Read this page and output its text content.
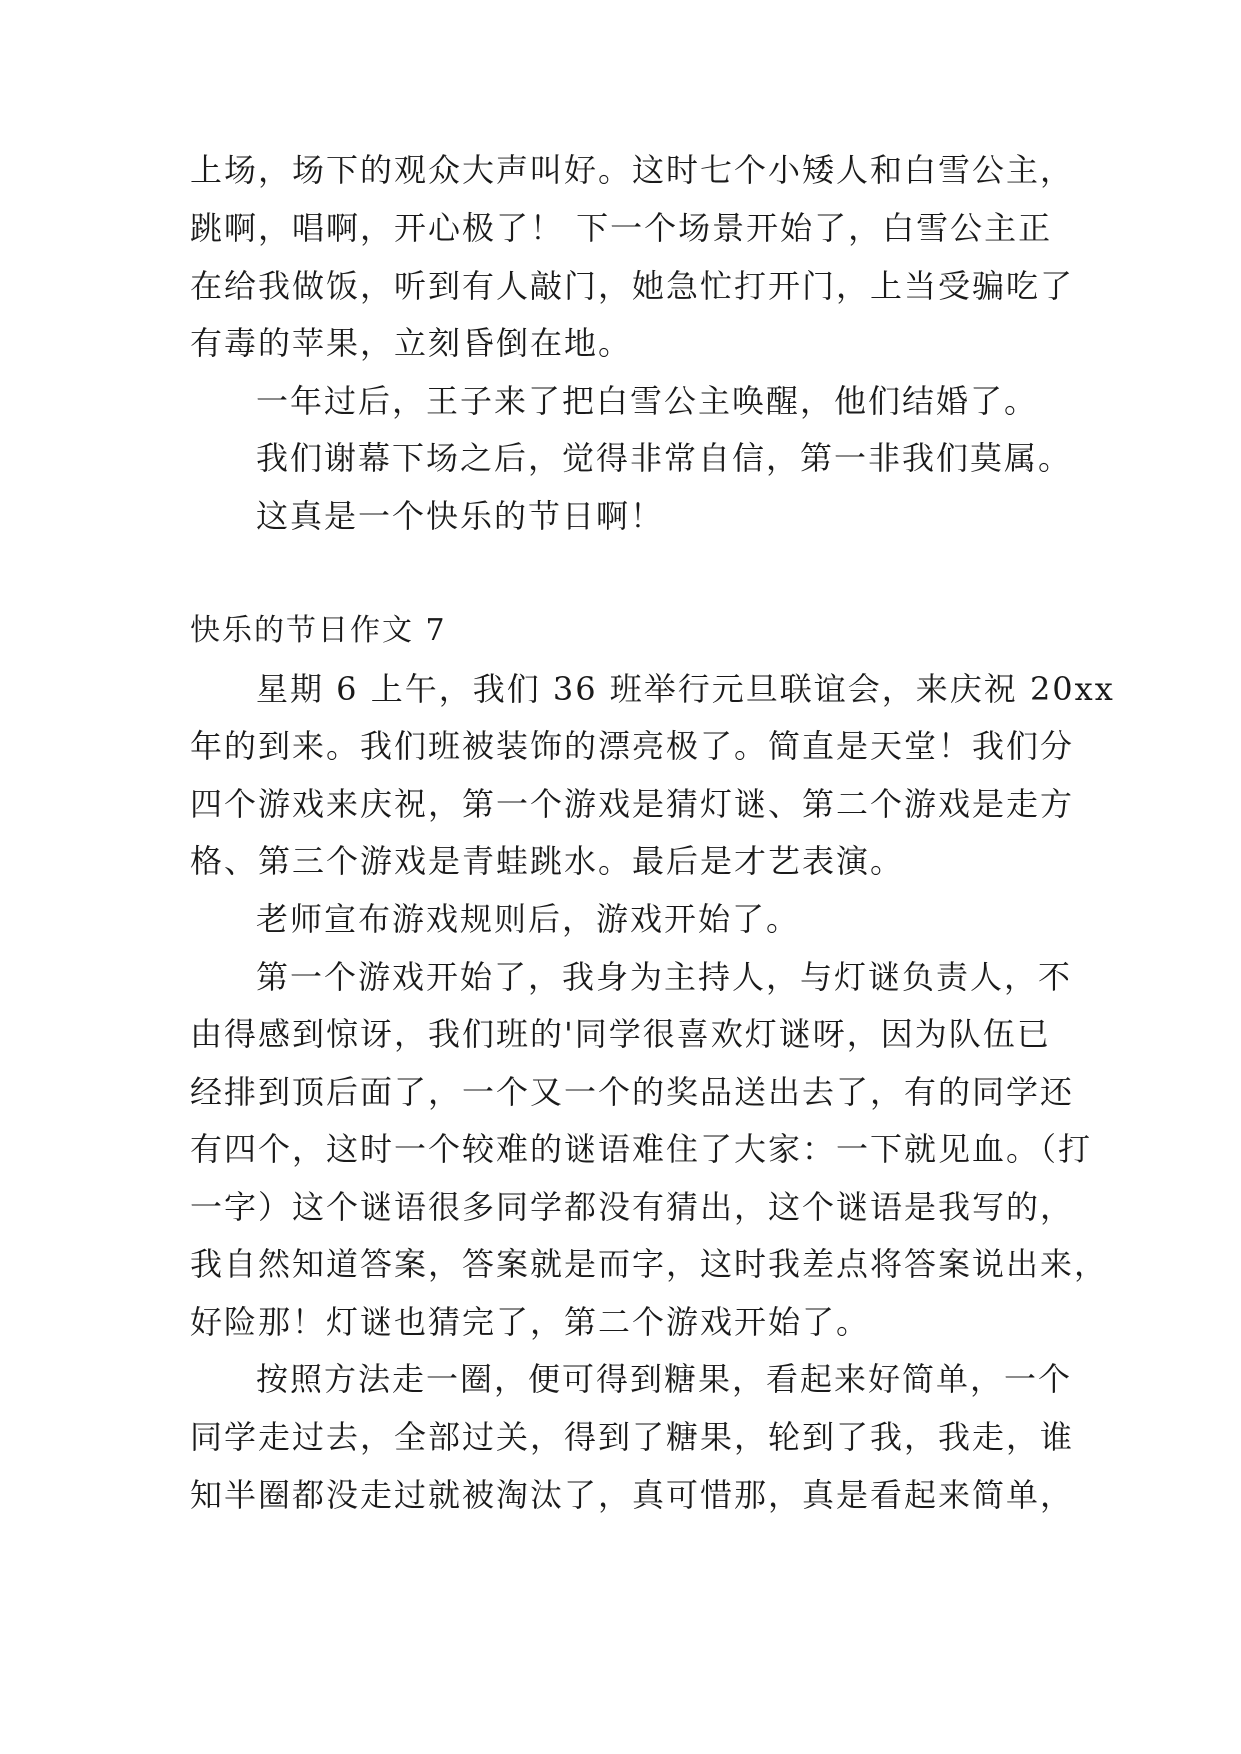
上场，场下的观众大声叫好。这时七个小矮人和白雪公主，
跳啊，唱啊，开心极了！ 下一个场景开始了，白雪公主正
在给我做饭，听到有人敲门，她急忙打开门，上当受骗吃了
有毒的苹果，立刻昏倒在地。
一年过后，王子来了把白雪公主唤醒，他们结婚了。
我们谢幕下场之后，觉得非常自信，第一非我们莫属。
这真是一个快乐的节日啊！
快乐的节日作文 7
星期 6 上午，我们 36 班举行元旦联谊会，来庆祝 20xx
年的到来。我们班被装饰的漂亮极了。简直是天堂！我们分
四个游戏来庆祝，第一个游戏是猜灯谜、第二个游戏是走方
格、第三个游戏是青蛙跳水。最后是才艺表演。
老师宣布游戏规则后，游戏开始了。
第一个游戏开始了，我身为主持人，与灯谜负责人，不
由得感到惊讶，我们班的'同学很喜欢灯谜呀，因为队伍已
经排到顶后面了，一个又一个的奖品送出去了，有的同学还
有四个，这时一个较难的谜语难住了大家：一下就见血。（打
一字）这个谜语很多同学都没有猜出，这个谜语是我写的，
我自然知道答案，答案就是而字，这时我差点将答案说出来，
好险那！灯谜也猜完了，第二个游戏开始了。
按照方法走一圈，便可得到糖果，看起来好简单，一个
同学走过去，全部过关，得到了糖果，轮到了我，我走，谁
知半圈都没走过就被淘汰了，真可惜那，真是看起来简单，
